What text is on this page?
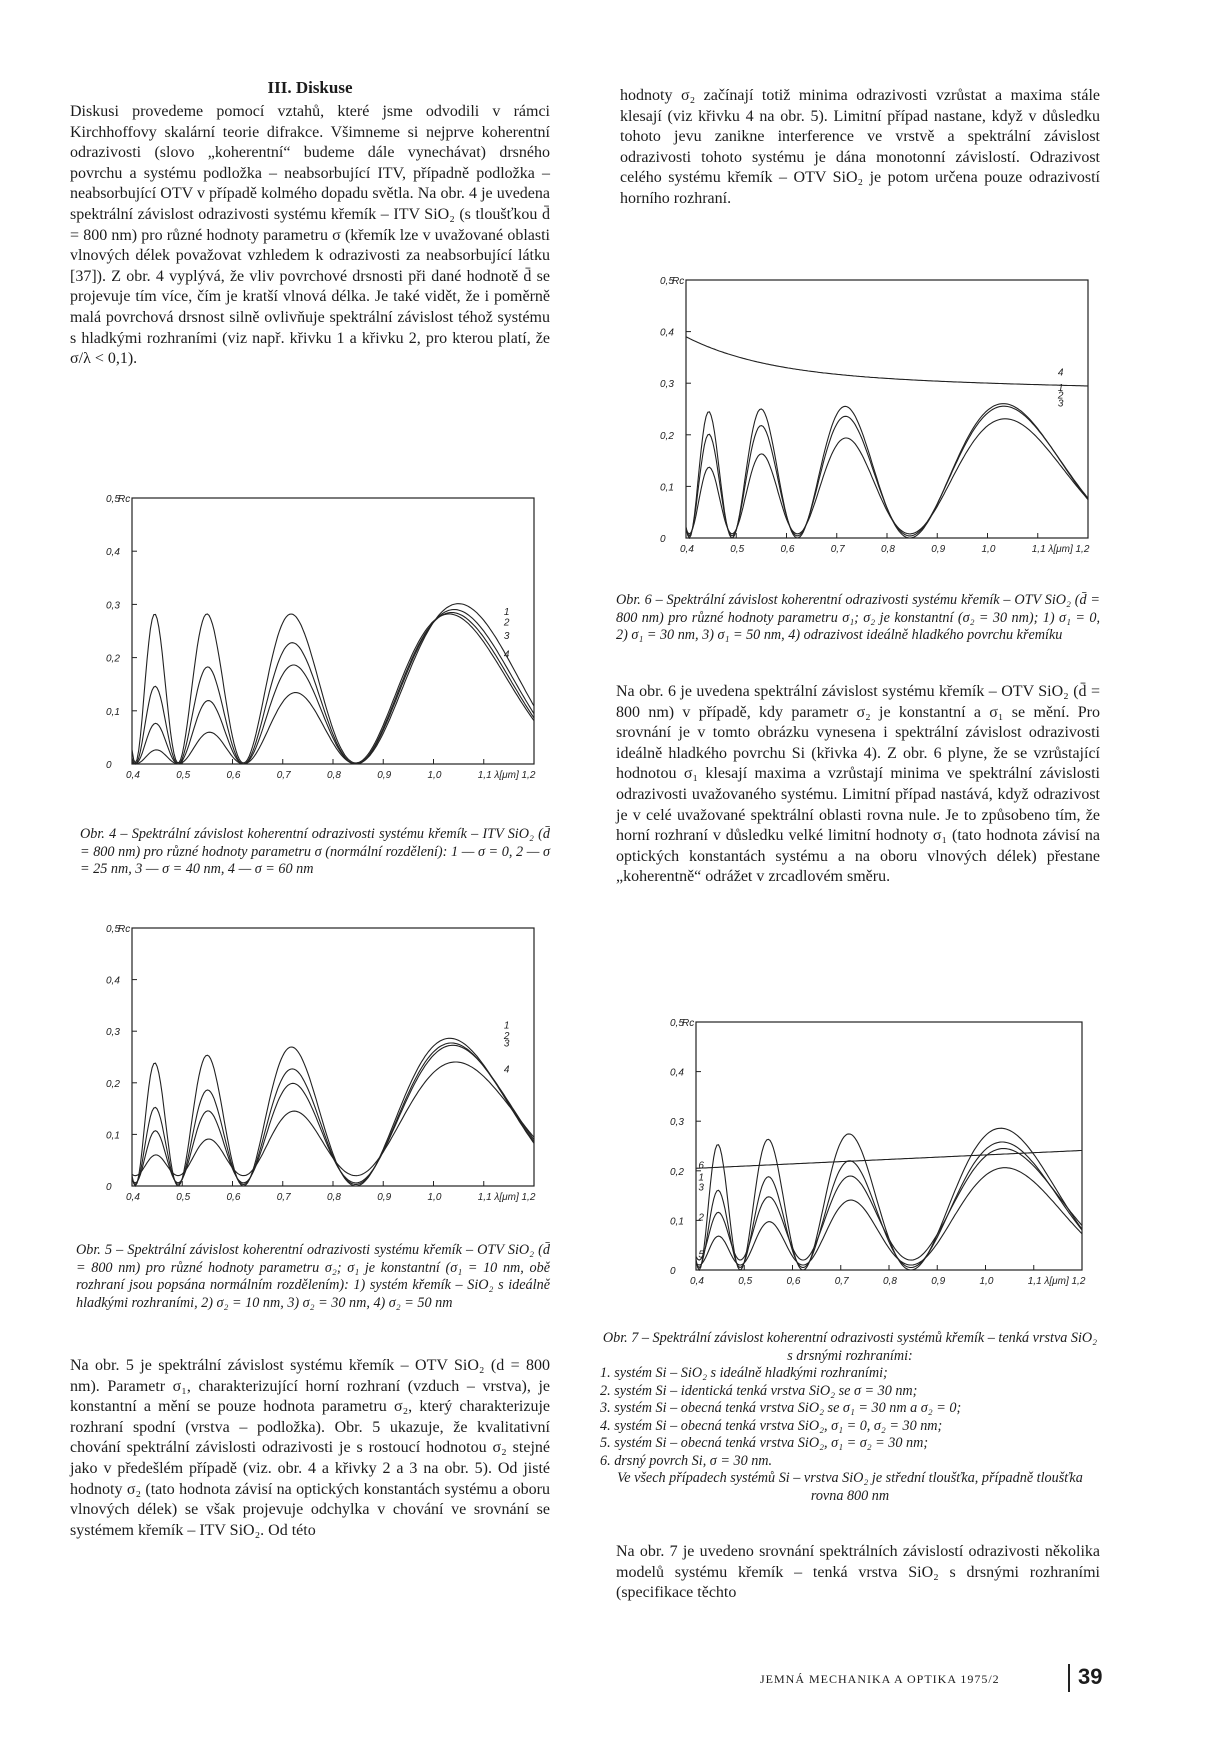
III. Diskuse

Diskusi provedeme pomocí vztahů, které jsme odvodili v rámci Kirchhoffovy skalární teorie difrakce. Všimneme si nejprve koherentní odrazivosti (slovo „koherentní“ budeme dále vynechávat) drsného povrchu a systému podložka – neabsorbující ITV, případně podložka – neabsorbující OTV v případě kolmého dopadu světla. Na obr. 4 je uvedena spektrální závislost odrazivosti systému křemík – ITV SiO₂ (s tloušťkou d̄ = 800 nm) pro různé hodnoty parametru σ (křemík lze v uvažované oblasti vlnových délek považovat vzhledem k odrazivosti za neabsorbující látku [37]). Z obr. 4 vyplývá, že vliv povrchové drsnosti při dané hodnotě d̄ se projevuje tím více, čím je kratší vlnová délka. Je také vidět, že i poměrně malá povrchová drsnost silně ovlivňuje spektrální závislost téhož systému s hladkými rozhraními (viz např. křivku 1 a křivku 2, pro kterou platí, že σ/λ < 0,1).

Rc
0
0,1
0,2
0,3
0,4
0,5
0,4	0,5	0,6	0,7	0,8	0,9	1,0	1,1 λ[μm] 1,2
1
2
3
4

Obr. 4 – Spektrální závislost koherentní odrazivosti systému křemík – ITV SiO₂ (d̄ = 800 nm) pro různé hodnoty parametru σ (normální rozdělení): 1 — σ = 0, 2 — σ = 25 nm, 3 — σ = 40 nm, 4 — σ = 60 nm

Rc
0
0,1
0,2
0,3
0,4
0,5
0,4	0,5	0,6	0,7	0,8	0,9	1,0	1,1 λ[μm] 1,2
1
2
3
4

Obr. 5 – Spektrální závislost koherentní odrazivosti systému křemík – OTV SiO₂ (d̄ = 800 nm) pro různé hodnoty parametru σ₂; σ₁ je konstantní (σ₁ = 10 nm, obě rozhraní jsou popsána normálním rozdělením): 1) systém křemík – SiO₂ s ideálně hladkými rozhraními, 2) σ₂ = 10 nm, 3) σ₂ = 30 nm, 4) σ₂ = 50 nm

Na obr. 5 je spektrální závislost systému křemík – OTV SiO₂ (d = 800 nm). Parametr σ₁, charakterizující horní rozhraní (vzduch – vrstva), je konstantní a mění se pouze hodnota parametru σ₂, který charakterizuje rozhraní spodní (vrstva – podložka). Obr. 5 ukazuje, že kvalitativní chování spektrální závislosti odrazivosti je s rostoucí hodnotou σ₂ stejné jako v předešlém případě (viz. obr. 4 a křivky 2 a 3 na obr. 5). Od jisté hodnoty σ₂ (tato hodnota závisí na optických konstantách systému a oboru vlnových délek) se však projevuje odchylka v chování ve srovnání se systémem křemík – ITV SiO₂. Od této

hodnoty σ₂ začínají totiž minima odrazivosti vzrůstat a maxima stále klesají (viz křivku 4 na obr. 5). Limitní případ nastane, když v důsledku tohoto jevu zanikne interference ve vrstvě a spektrální závislost odrazivosti tohoto systému je dána monotonní závislostí. Odrazivost celého systému křemík – OTV SiO₂ je potom určena pouze odrazivostí horního rozhraní.

Rc
0
0,1
0,2
0,3
0,4
0,5
0,4	0,5	0,6	0,7	0,8	0,9	1,0	1,1 λ[μm] 1,2
4
1
2
3

Obr. 6 – Spektrální závislost koherentní odrazivosti systému křemík – OTV SiO₂ (d̄ = 800 nm) pro různé hodnoty parametru σ₁; σ₂ je konstantní (σ₂ = 30 nm); 1) σ₁ = 0, 2) σ₁ = 30 nm, 3) σ₁ = 50 nm, 4) odrazivost ideálně hladkého povrchu křemíku

Na obr. 6 je uvedena spektrální závislost systému křemík – OTV SiO₂ (d̄ = 800 nm) v případě, kdy parametr σ₂ je konstantní a σ₁ se mění. Pro srovnání je v tomto obrázku vynesena i spektrální závislost odrazivosti ideálně hladkého povrchu Si (křivka 4). Z obr. 6 plyne, že se vzrůstající hodnotou σ₁ klesají maxima a vzrůstají minima ve spektrální závislosti odrazivosti uvažovaného systému. Limitní případ nastává, když odrazivost je v celé uvažované spektrální oblasti rovna nule. Je to způsobeno tím, že horní rozhraní v důsledku velké limitní hodnoty σ₁ (tato hodnota závisí na optických konstantách systému a na oboru vlnových délek) přestane „koherentně“ odrážet v zrcadlovém směru.

Rc
0
0,1
0,2
0,3
0,4
0,5
0,4	0,5	0,6	0,7	0,8	0,9	1,0	1,1 λ[μm] 1,2
6
1
3
2
5

Obr. 7 – Spektrální závislost koherentní odrazivosti systémů křemík – tenká vrstva SiO₂ s drsnými rozhraními:

1. systém Si – SiO₂ s ideálně hladkými rozhraními;
2. systém Si – identická tenká vrstva SiO₂ se σ = 30 nm;
3. systém Si – obecná tenká vrstva SiO₂ se σ₁ = 30 nm a σ₂ = 0;
4. systém Si – obecná tenká vrstva SiO₂, σ₁ = 0, σ₂ = 30 nm;
5. systém Si – obecná tenká vrstva SiO₂, σ₁ = σ₂ = 30 nm;
6. drsný povrch Si, σ = 30 nm.

Ve všech případech systémů Si – vrstva SiO₂ je střední tloušťka, případně tloušťka rovna 800 nm

Na obr. 7 je uvedeno srovnání spektrálních závislostí odrazivosti několika modelů systému křemík – tenká vrstva SiO₂ s drsnými rozhraními (specifikace těchto

JEMNÁ MECHANIKA A OPTIKA 1975/2	39
